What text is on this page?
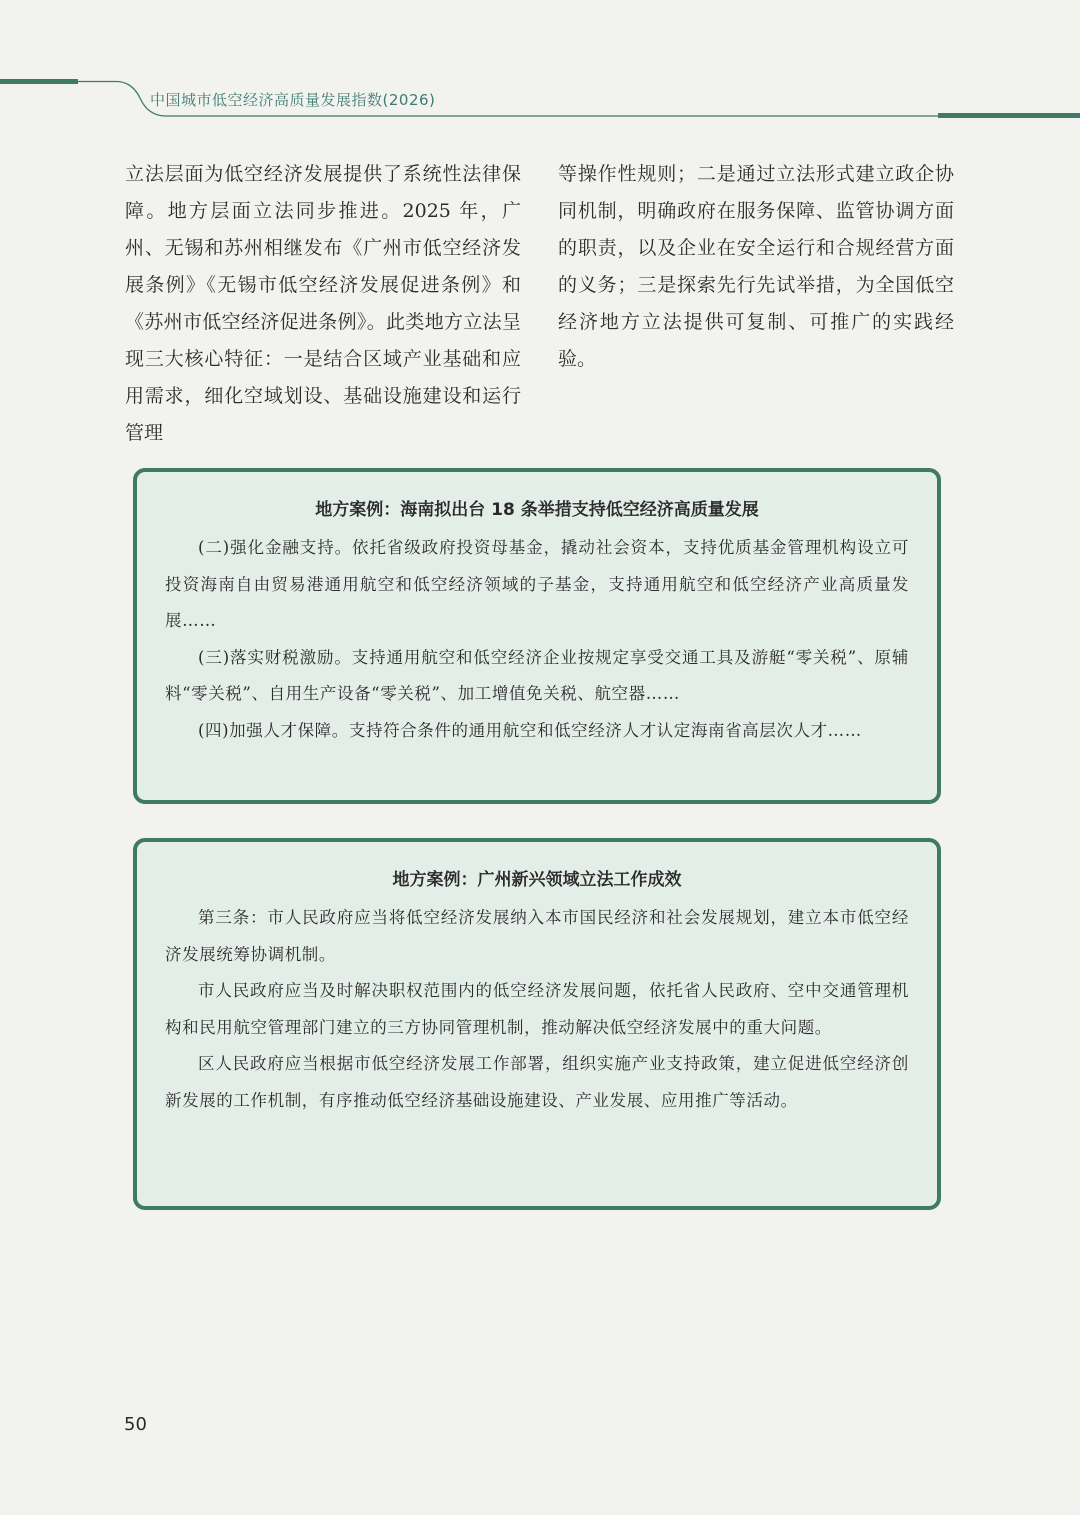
中国城市低空经济高质量发展指数(2026)
立法层面为低空经济发展提供了系统性法律保障。地方层面立法同步推进。2025 年，广州、无锡和苏州相继发布《广州市低空经济发展条例》《无锡市低空经济发展促进条例》和《苏州市低空经济促进条例》。此类地方立法呈现三大核心特征：一是结合区域产业基础和应用需求，细化空域划设、基础设施建设和运行管理
等操作性规则；二是通过立法形式建立政企协同机制，明确政府在服务保障、监管协调方面的职责，以及企业在安全运行和合规经营方面的义务；三是探索先行先试举措，为全国低空经济地方立法提供可复制、可推广的实践经验。
地方案例：海南拟出台 18 条举措支持低空经济高质量发展

(二)强化金融支持。依托省级政府投资母基金，撬动社会资本，支持优质基金管理机构设立可投资海南自由贸易港通用航空和低空经济领域的子基金，支持通用航空和低空经济产业高质量发展……

(三)落实财税激励。支持通用航空和低空经济企业按规定享受交通工具及游艇“零关税”、原辅料“零关税”、自用生产设备“零关税”、加工增值免关税、航空器……

(四)加强人才保障。支持符合条件的通用航空和低空经济人才认定海南省高层次人才……

地方案例：广州新兴领域立法工作成效

第三条：市人民政府应当将低空经济发展纳入本市国民经济和社会发展规划，建立本市低空经济发展统筹协调机制。

市人民政府应当及时解决职权范围内的低空经济发展问题，依托省人民政府、空中交通管理机构和民用航空管理部门建立的三方协同管理机制，推动解决低空经济发展中的重大问题。

区人民政府应当根据市低空经济发展工作部署，组织实施产业支持政策，建立促进低空经济创新发展的工作机制，有序推动低空经济基础设施建设、产业发展、应用推广等活动。

50
